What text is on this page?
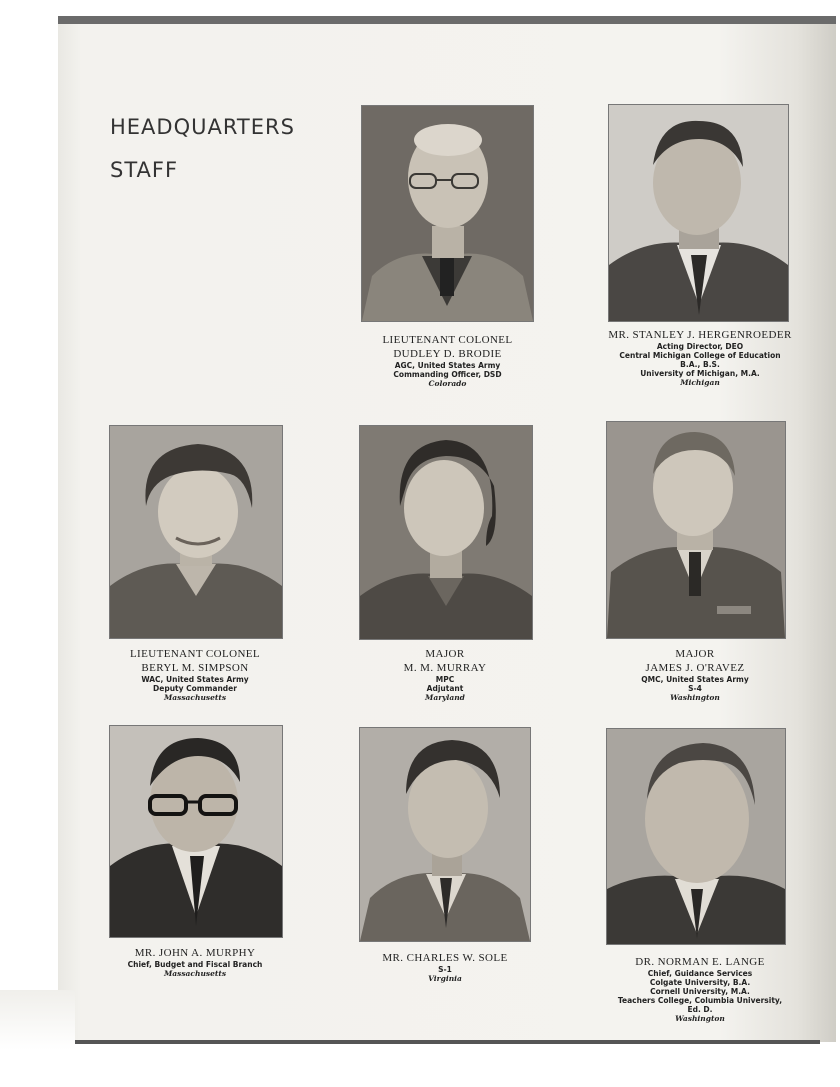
HEADQUARTERS
STAFF
LIEUTENANT COLONEL
DUDLEY D. BRODIE
AGC, United States Army
Commanding Officer, DSD
Colorado
MR. STANLEY J. HERGENROEDER
Acting Director, DEO
Central Michigan College of Education
B.A., B.S.
University of Michigan, M.A.
Michigan
LIEUTENANT COLONEL
BERYL M. SIMPSON
WAC, United States Army
Deputy Commander
Massachusetts
MAJOR
M. M. MURRAY
MPC
Adjutant
Maryland
MAJOR
JAMES J. O'RAVEZ
QMC, United States Army
S-4
Washington
MR. JOHN A. MURPHY
Chief, Budget and Fiscal Branch
Massachusetts
MR. CHARLES W. SOLE
S-1
Virginia
DR. NORMAN E. LANGE
Chief, Guidance Services
Colgate University, B.A.
Cornell University, M.A.
Teachers College, Columbia University,
Ed. D.
Washington
